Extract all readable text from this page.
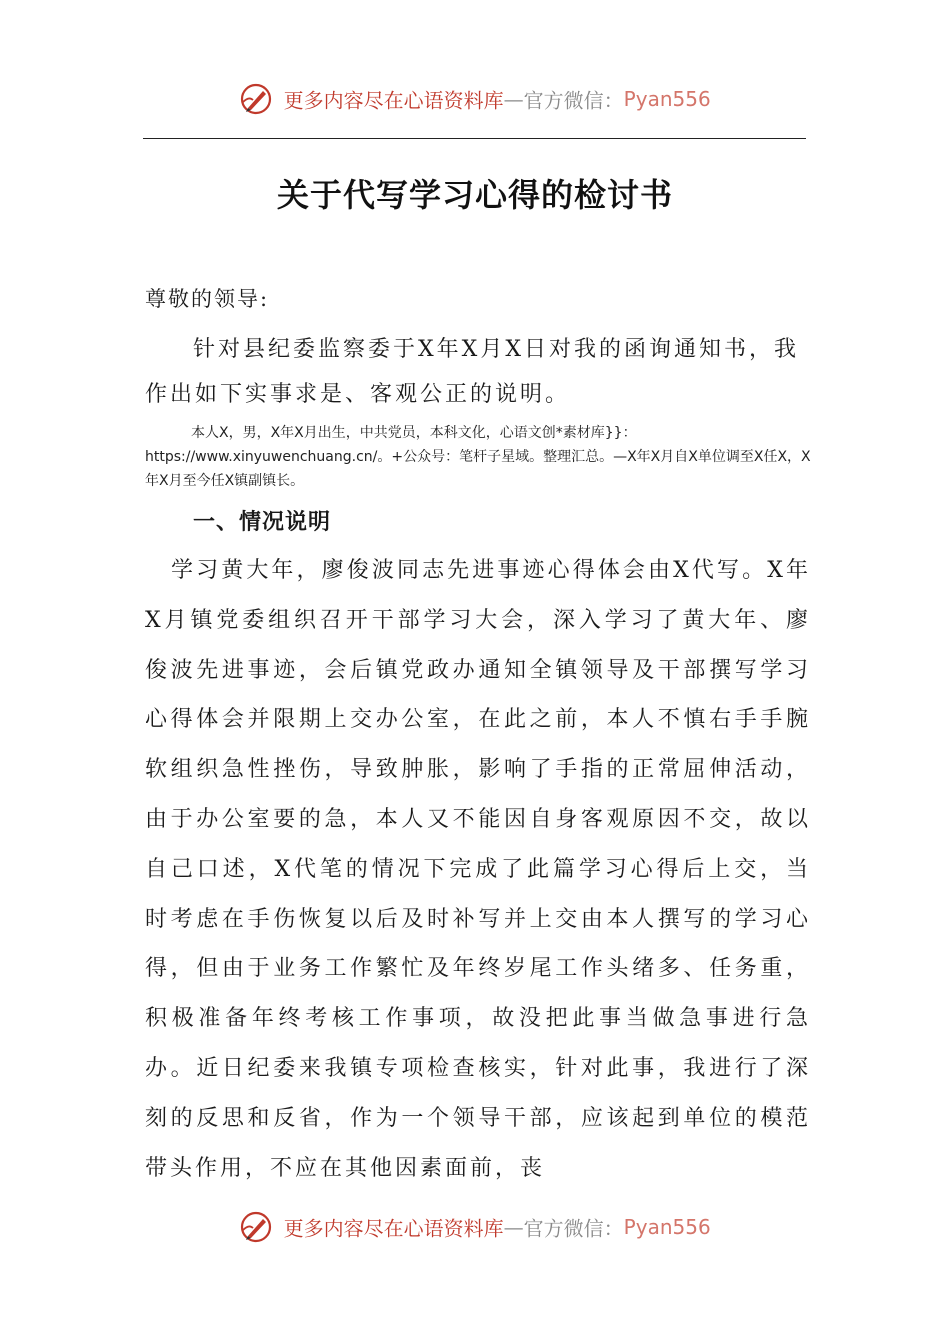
更多内容尽在心语资料库—官方微信：Pyan556
关于代写学习心得的检讨书
尊敬的领导:
针对县纪委监察委于X年X月X日对我的函询通知书，我作出如下实事求是、客观公正的说明。
本人X，男，X年X月出生，中共党员，本科文化，心语文创*素材库}}：https://www.xinyuwenchuang.cn/。+公众号：笔杆子星域。整理汇总。—X年X月自X单位调至X任X，X年X月至今任X镇副镇长。
一、情况说明
学习黄大年，廖俊波同志先进事迹心得体会由X代写。X年X月镇党委组织召开干部学习大会，深入学习了黄大年、廖俊波先进事迹，会后镇党政办通知全镇领导及干部撰写学习心得体会并限期上交办公室，在此之前，本人不慎右手手腕软组织急性挫伤，导致肿胀，影响了手指的正常屈伸活动，由于办公室要的急，本人又不能因自身客观原因不交，故以自己口述，X代笔的情况下完成了此篇学习心得后上交，当时考虑在手伤恢复以后及时补写并上交由本人撰写的学习心得，但由于业务工作繁忙及年终岁尾工作头绪多、任务重，积极准备年终考核工作事项，故没把此事当做急事进行急办。近日纪委来我镇专项检查核实，针对此事，我进行了深刻的反思和反省，作为一个领导干部，应该起到单位的模范带头作用，不应在其他因素面前，丧
更多内容尽在心语资料库—官方微信：Pyan556
